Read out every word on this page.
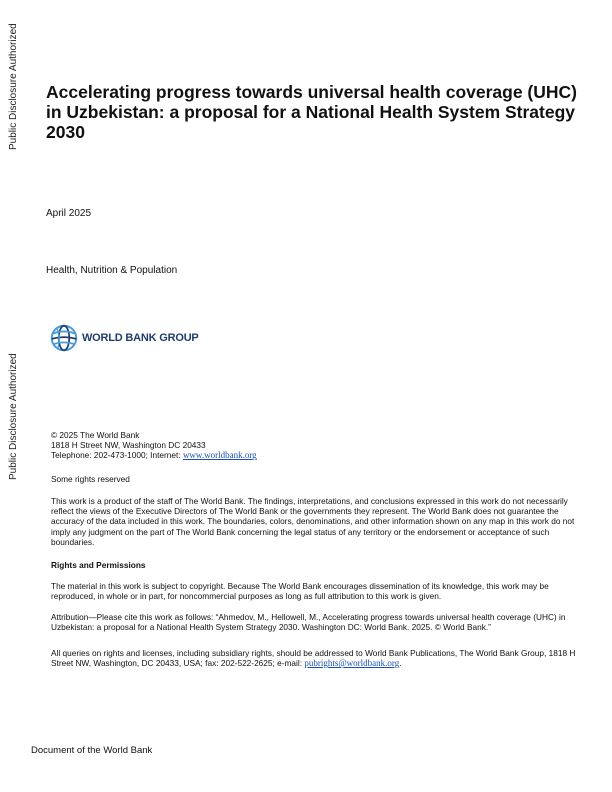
Public Disclosure Authorized
Public Disclosure Authorized
Accelerating progress towards universal health coverage (UHC) in Uzbekistan: a proposal for a National Health System Strategy 2030
April 2025
Health, Nutrition & Population
WORLD BANK GROUP
© 2025 The World Bank
1818 H Street NW, Washington DC 20433
Telephone: 202-473-1000; Internet: www.worldbank.org
Some rights reserved
This work is a product of the staff of The World Bank. The findings, interpretations, and conclusions expressed in this work do not necessarily reflect the views of the Executive Directors of The World Bank or the governments they represent. The World Bank does not guarantee the accuracy of the data included in this work. The boundaries, colors, denominations, and other information shown on any map in this work do not imply any judgment on the part of The World Bank concerning the legal status of any territory or the endorsement or acceptance of such boundaries.
Rights and Permissions
The material in this work is subject to copyright. Because The World Bank encourages dissemination of its knowledge, this work may be reproduced, in whole or in part, for noncommercial purposes as long as full attribution to this work is given.
Attribution—Please cite this work as follows: “Ahmedov, M., Hellowell, M., Accelerating progress towards universal health coverage (UHC) in Uzbekistan: a proposal for a National Health System Strategy 2030. Washington DC: World Bank. 2025. © World Bank.”
All queries on rights and licenses, including subsidiary rights, should be addressed to World Bank Publications, The World Bank Group, 1818 H Street NW, Washington, DC 20433, USA; fax: 202-522-2625; e-mail: pubrights@worldbank.org.
Document of the World Bank
